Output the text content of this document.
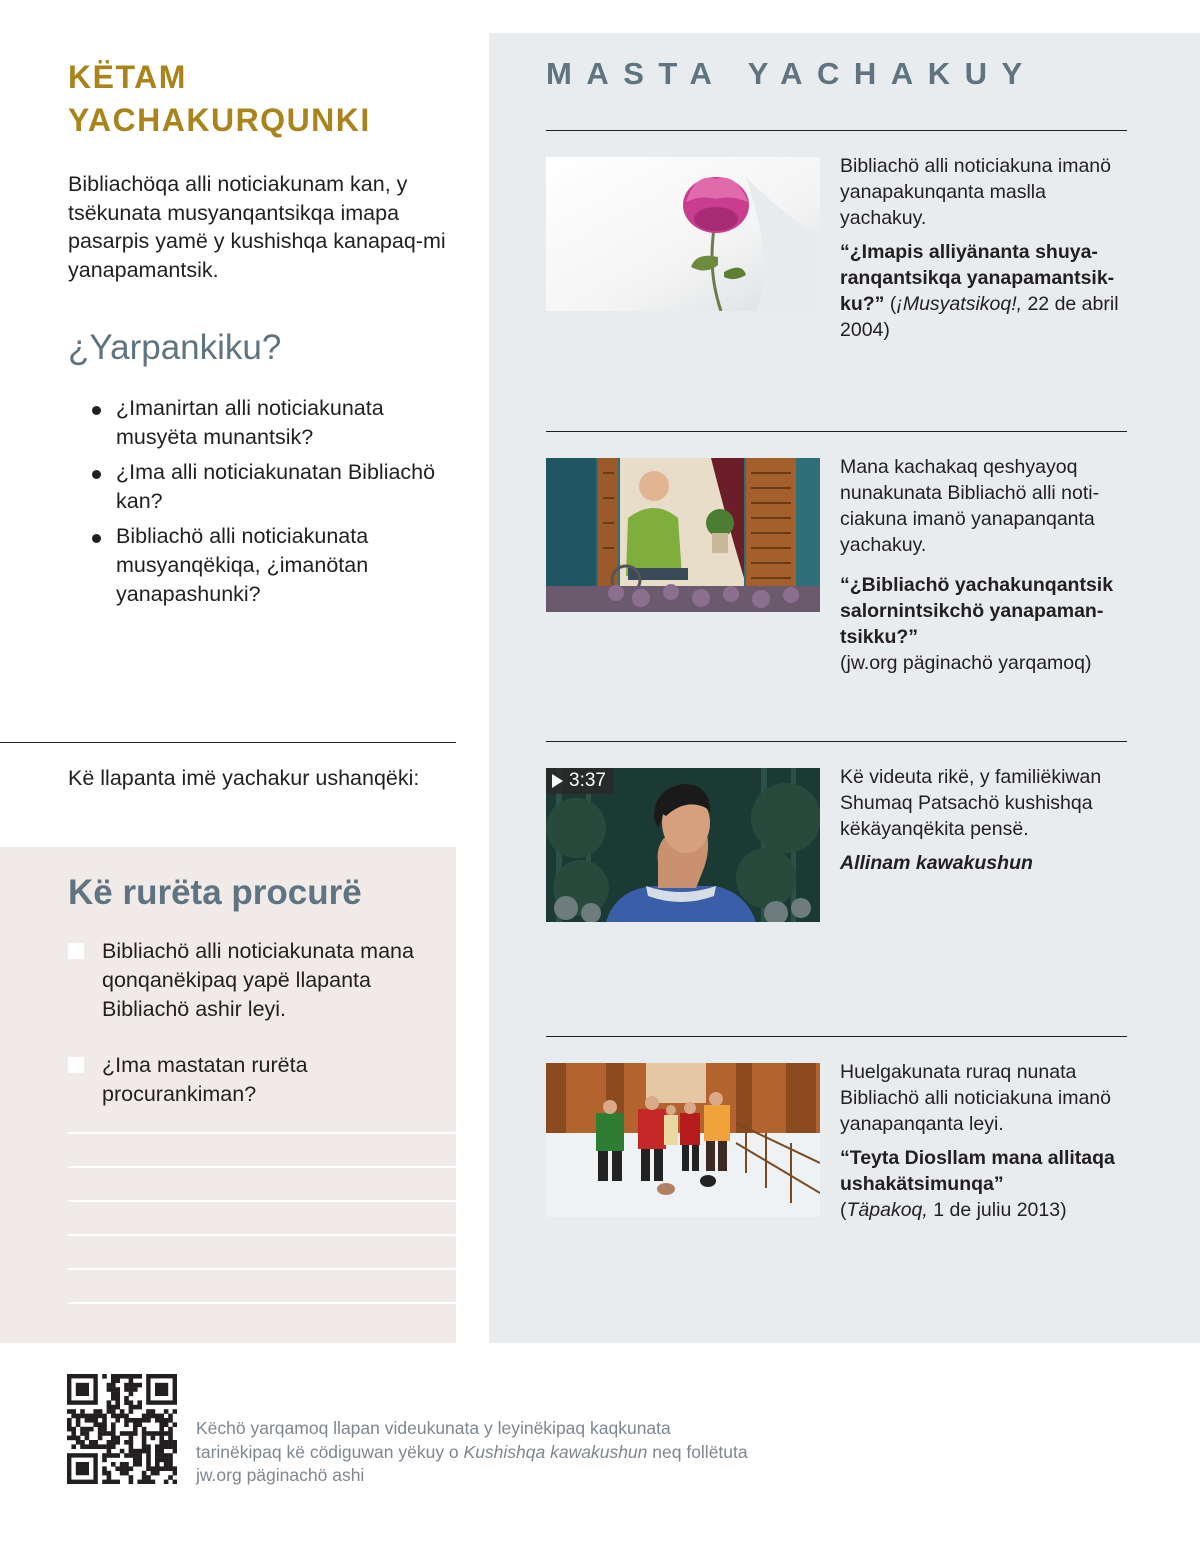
KËTAM
YACHAKURQUNKI

Bibliachöqa alli noticiakunam kan, y tsëkunata musyanqantsikqa imapa pasarpis yamë y kushishqa kanapaq-mi yanapamantsik.

¿Yarpankiku?
¿Imanirtan alli noticiakunata musyëta munantsik?
¿Ima alli noticiakunatan Bibliachö kan?
Bibliachö alli noticiakunata musyanqëkiqa, ¿imanötan yanapashunki?

Kë llapanta imë yachakur ushanqëki:

Kë rurëta procurë
Bibliachö alli noticiakunata mana qonqanëkipaq yapë llapanta Bibliachö ashir leyi.
¿Ima mastatan rurëta procurankiman?
MASTA YACHAKUY

Bibliachö alli noticiakuna imanö yanapakunqanta maslla yachakuy.

“¿Imapis alliyänanta shuya-ranqantsikqa yanapamantsik-ku?” (¡Musyatsikoq!, 22 de abril 2004)

Mana kachakaq qeshyayoq nunakunata Bibliachö alli noti-ciakuna imanö yanapanqanta yachakuy.

“¿Bibliachö yachakunqantsik salornintsikchö yanapaman-tsikku?”

(jw.org päginachö yarqamoq)

3:37	Kë videuta rikë, y familiëkiwan Shumaq Patsachö kushishqa këkäyanqëkita pensë.

Allinam kawakushun

Huelgakunata ruraq nunata Bibliachö alli noticiakuna imanö yanapanqanta leyi.

“Teyta Diosllam mana allitaqa ushakätsimunqa”
(Täpakoq, 1 de juliu 2013)

Këchö yarqamoq llapan videukunata y leyinëkipaq kaqkunata tarinëkipaq kë cödiguwan yëkuy o Kushishqa kawakushun neq follëtuta jw.org päginachö ashi
